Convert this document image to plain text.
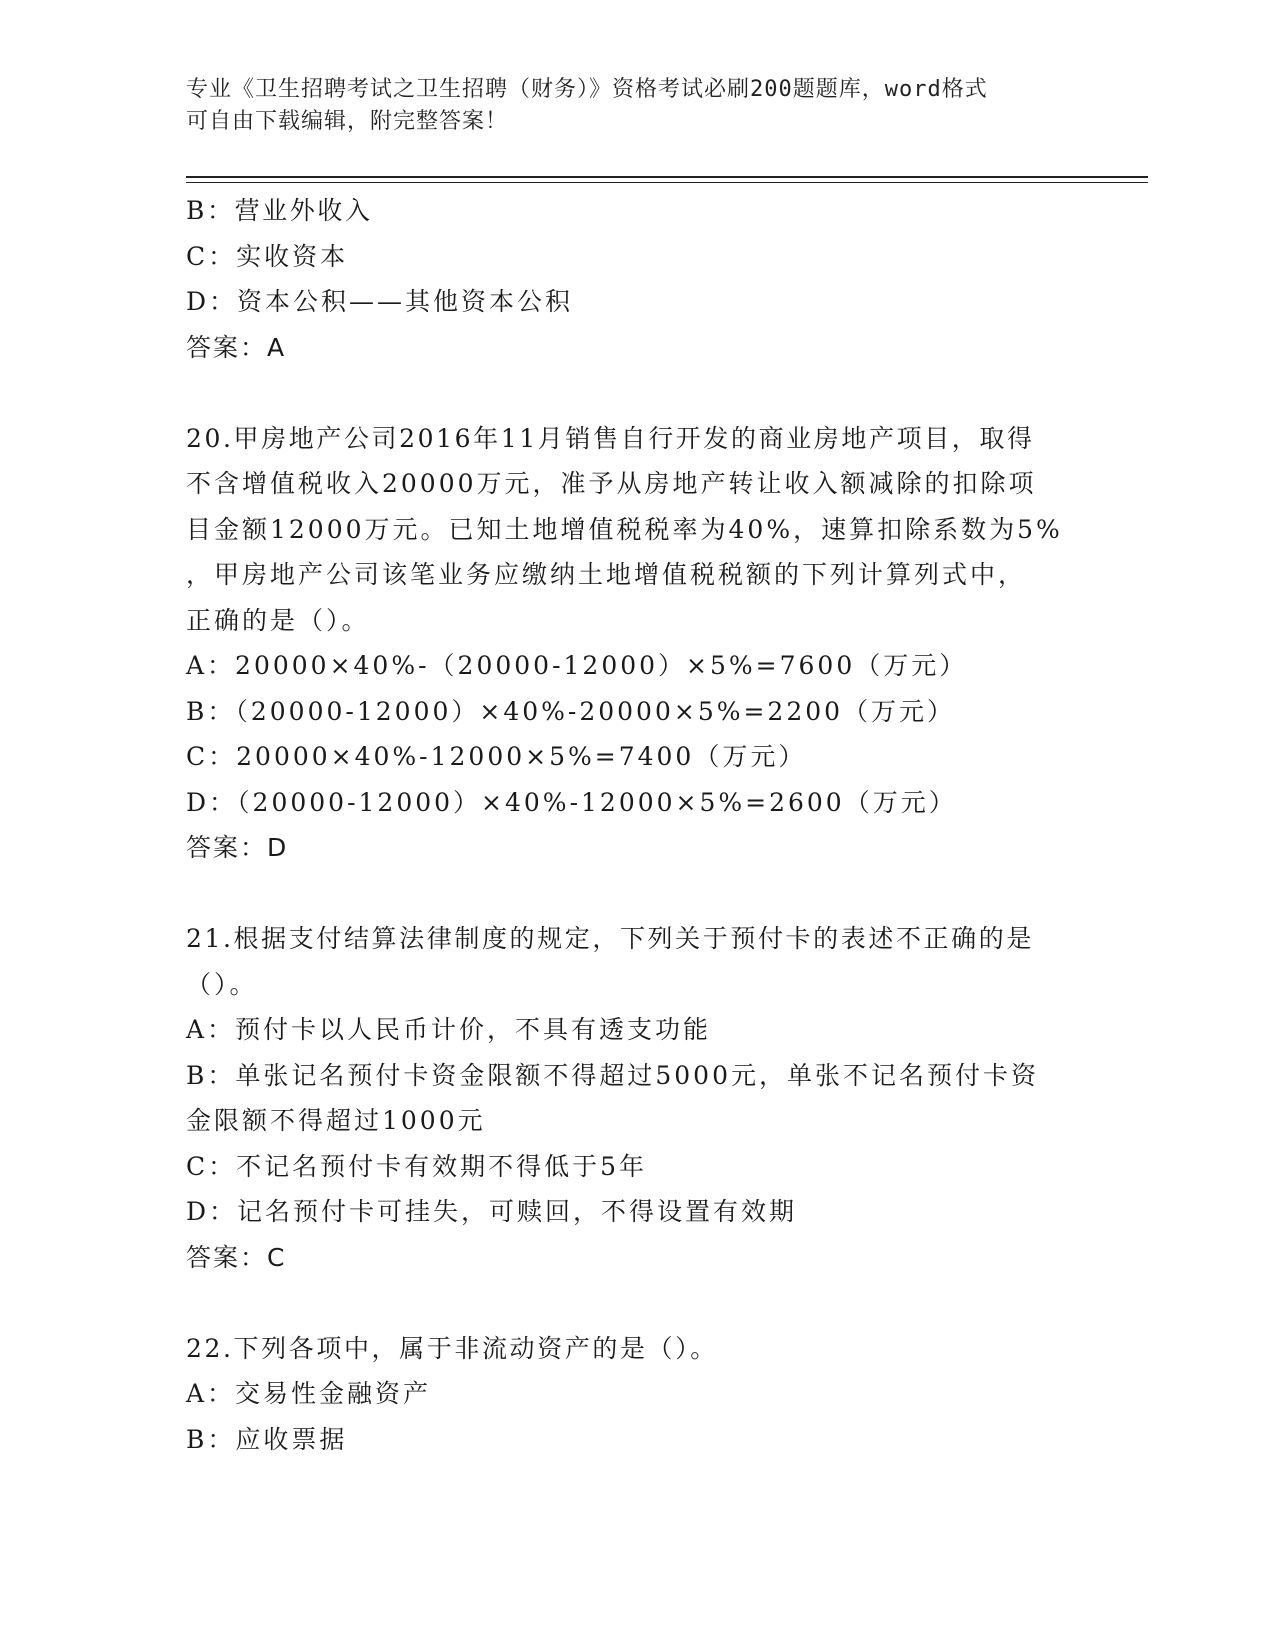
专业《卫生招聘考试之卫生招聘（财务）》资格考试必刷200题题库，word格式
可自由下载编辑，附完整答案！
B：营业外收入
C：实收资本
D：资本公积——其他资本公积
答案：A
20.甲房地产公司2016年11月销售自行开发的商业房地产项目，取得
不含增值税收入20000万元，准予从房地产转让收入额减除的扣除项
目金额12000万元。已知土地增值税税率为40%，速算扣除系数为5%
，甲房地产公司该笔业务应缴纳土地增值税税额的下列计算列式中，
正确的是（）。
A：20000×40%-（20000-12000）×5%=7600（万元）
B：（20000-12000）×40%-20000×5%=2200（万元）
C：20000×40%-12000×5%=7400（万元）
D：（20000-12000）×40%-12000×5%=2600（万元）
答案：D
21.根据支付结算法律制度的规定，下列关于预付卡的表述不正确的是
（）。
A：预付卡以人民币计价，不具有透支功能
B：单张记名预付卡资金限额不得超过5000元，单张不记名预付卡资
金限额不得超过1000元
C：不记名预付卡有效期不得低于5年
D：记名预付卡可挂失，可赎回，不得设置有效期
答案：C
22.下列各项中，属于非流动资产的是（）。
A：交易性金融资产
B：应收票据
